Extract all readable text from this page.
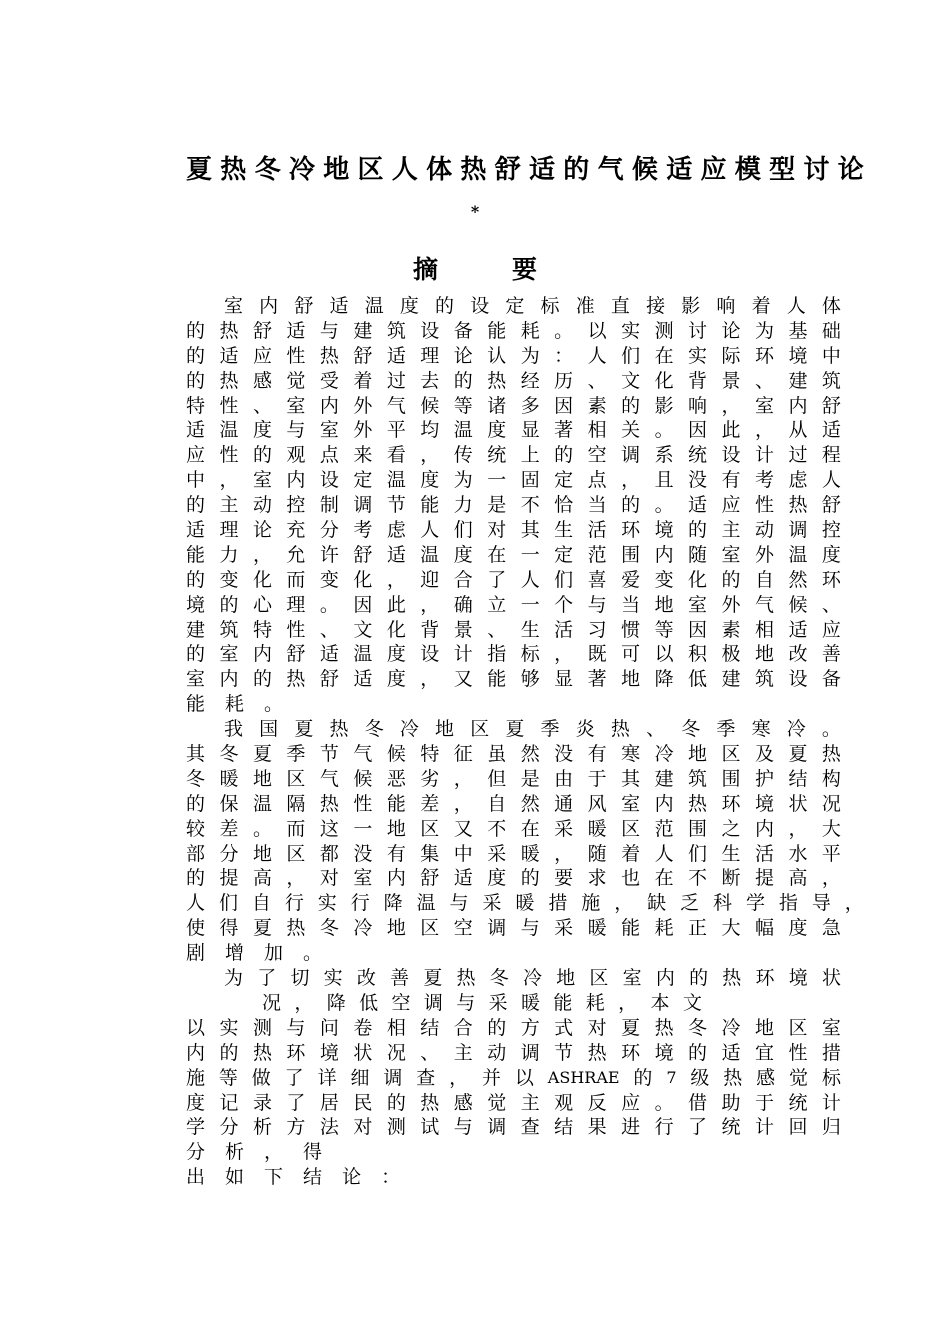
夏热冬冷地区人体热舒适的气候适应模型讨论
*
摘	要
室 内 舒 适 温 度 的 设 定 标 准 直 接 影 响 着 人 体
的 热 舒 适 与 建 筑 设 备 能 耗 。 以 实 测 讨 论 为 基 础
的 适 应 性 热 舒 适 理 论 认 为 ： 人 们 在 实 际 环 境 中
的 热 感 觉 受 着 过 去 的 热 经 历 、 文 化 背 景 、 建 筑
特 性 、 室 内 外 气 候 等 诸 多 因 素 的 影 响 ， 室 内 舒
适 温 度 与 室 外 平 均 温 度 显 著 相 关 。 因 此 ， 从 适
应 性 的 观 点 来 看 ， 传 统 上 的 空 调 系 统 设 计 过 程
中 ， 室 内 设 定 温 度 为 一 固 定 点 ， 且 没 有 考 虑 人
的 主 动 控 制 调 节 能 力 是 不 恰 当 的 。 适 应 性 热 舒
适 理 论 充 分 考 虑 人 们 对 其 生 活 环 境 的 主 动 调 控
能 力 ， 允 许 舒 适 温 度 在 一 定 范 围 内 随 室 外 温 度
的 变 化 而 变 化 ， 迎 合 了 人 们 喜 爱 变 化 的 自 然 环
境 的 心 理 。 因 此 ， 确 立 一 个 与 当 地 室 外 气 候 、
建 筑 特 性 、 文 化 背 景 、 生 活 习 惯 等 因 素 相 适 应
的 室 内 舒 适 温 度 设 计 指 标 ， 既 可 以 积 极 地 改 善
室 内 的 热 舒 适 度 ， 又 能 够 显 著 地 降 低 建 筑 设 备
能 耗 。
我 国 夏 热 冬 冷 地 区 夏 季 炎 热 、 冬 季 寒 冷 。
其 冬 夏 季 节 气 候 特 征 虽 然 没 有 寒 冷 地 区 及 夏 热
冬 暖 地 区 气 候 恶 劣 ， 但 是 由 于 其 建 筑 围 护 结 构
的 保 温 隔 热 性 能 差 ， 自 然 通 风 室 内 热 环 境 状 况
较 差 。 而 这 一 地 区 又 不 在 采 暖 区 范 围 之 内 ， 大
部 分 地 区 都 没 有 集 中 采 暖 ， 随 着 人 们 生 活 水 平
的 提 高 ， 对 室 内 舒 适 度 的 要 求 也 在 不 断 提 高 ，
人 们 自 行 实 行 降 温 与 采 暖 措 施 ， 缺 乏 科 学 指 导 ，
使 得 夏 热 冬 冷 地 区 空 调 与 采 暖 能 耗 正 大 幅 度 急
剧 增 加 。
为 了 切 实 改 善 夏 热 冬 冷 地 区 室 内 的 热 环 境 状
况 ， 降 低 空 调 与 采 暖 能 耗 ， 本 文
以 实 测 与 问 卷 相 结 合 的 方 式 对 夏 热 冬 冷 地 区 室
内 的 热 环 境 状 况 、 主 动 调 节 热 环 境 的 适 宜 性 措
施 等 做 了 详 细 调 查 ， 并 以 ASHRAE 的 7 级 热 感 觉 标
度 记 录 了 居 民 的 热 感 觉 主 观 反 应 。 借 助 于 统 计
学 分 析 方 法 对 测 试 与 调 查 结 果 进 行 了 统 计 回 归
分 析 ， 得
出 如 下 结 论 ：
